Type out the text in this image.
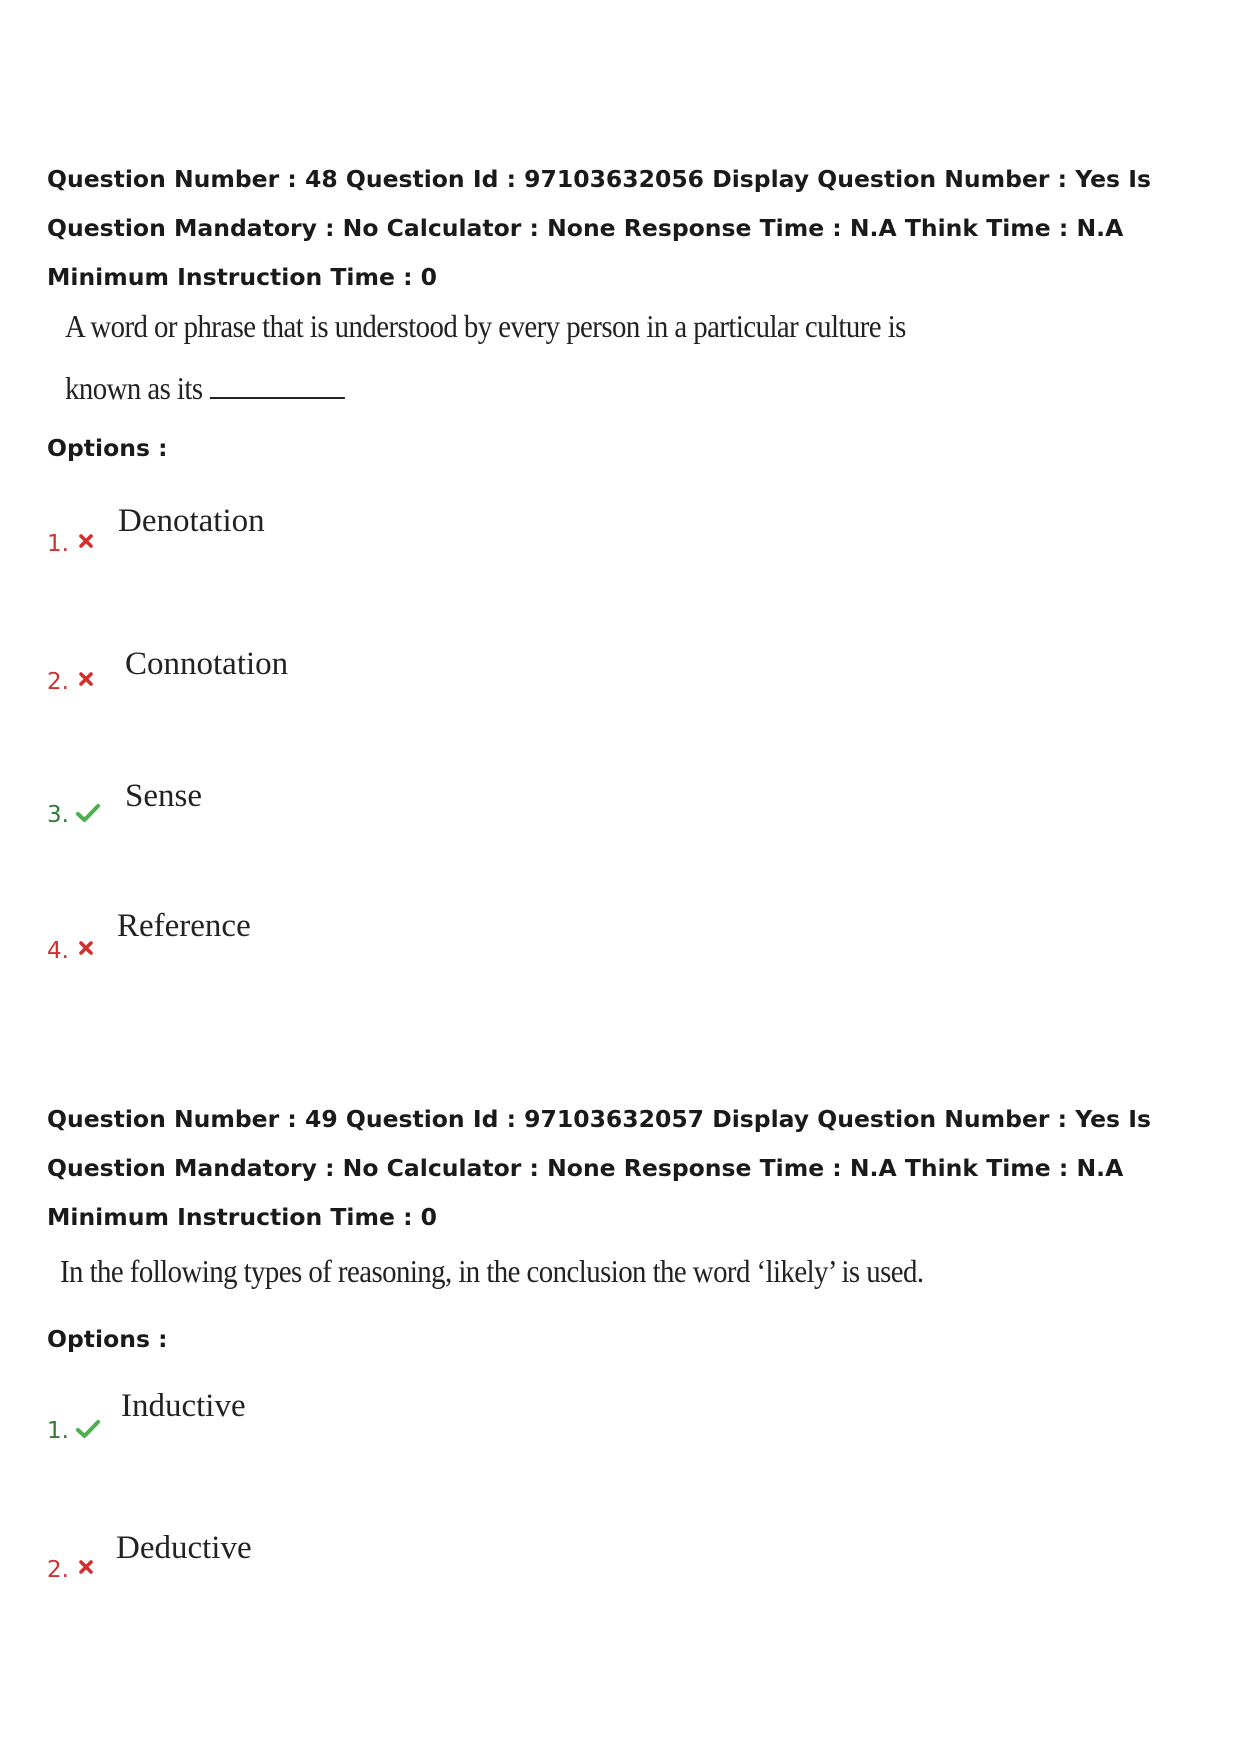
Question Number : 48 Question Id : 97103632056 Display Question Number : Yes Is Question Mandatory : No Calculator : None Response Time : N.A Think Time : N.A Minimum Instruction Time : 0
A word or phrase that is understood by every person in a particular culture is
known as its
Options :
1.
Denotation
2. Connotation
3.
Sense
4.
Reference
Question Number : 49 Question Id : 97103632057 Display Question Number : Yes Is Question Mandatory : No Calculator : None Response Time : N.A Think Time : N.A Minimum Instruction Time : 0
In the following types of reasoning, in the conclusion the word ‘likely’ is used.
Options :
1.
Inductive
2.
Deductive
